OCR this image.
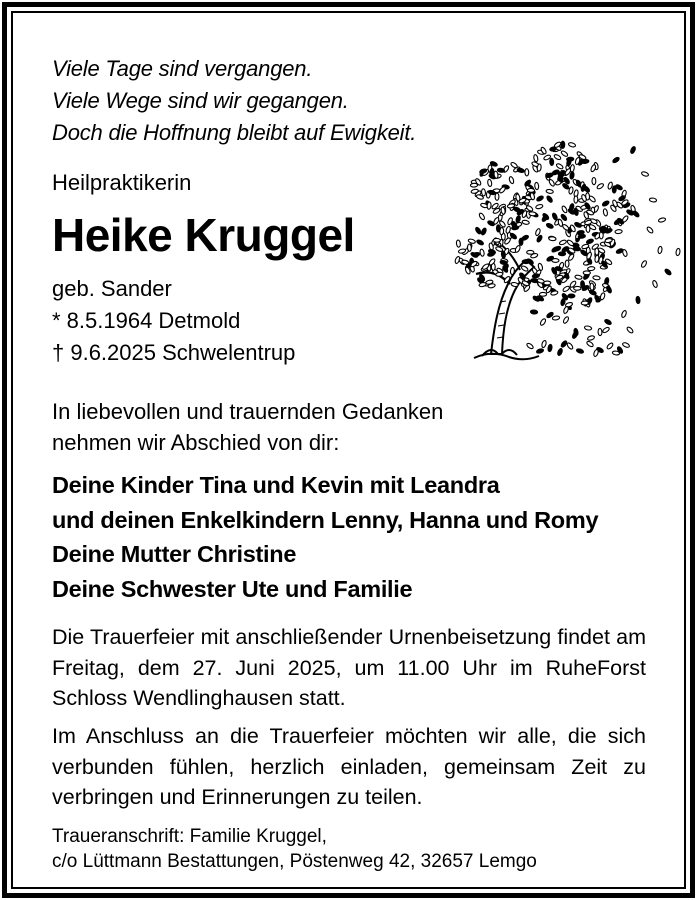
Viele Tage sind vergangen.
Viele Wege sind wir gegangen.
Doch die Hoffnung bleibt auf Ewigkeit.
Heilpraktikerin
Heike Kruggel
geb. Sander
* 8.5.1964 Detmold
† 9.6.2025 Schwelentrup
In liebevollen und trauernden Gedanken
nehmen wir Abschied von dir:
Deine Kinder Tina und Kevin mit Leandra
und deinen Enkelkindern Lenny, Hanna und Romy
Deine Mutter Christine
Deine Schwester Ute und Familie
Die Trauerfeier mit anschließender Urnenbeisetzung findet am Freitag, dem 27. Juni 2025, um 11.00 Uhr im RuheForst Schloss Wendlinghausen statt.
Im Anschluss an die Trauerfeier möchten wir alle, die sich verbunden fühlen, herzlich einladen, gemeinsam Zeit zu verbringen und Erinnerungen zu teilen.
Traueranschrift: Familie Kruggel,
c/o Lüttmann Bestattungen, Pöstenweg 42, 32657 Lemgo
